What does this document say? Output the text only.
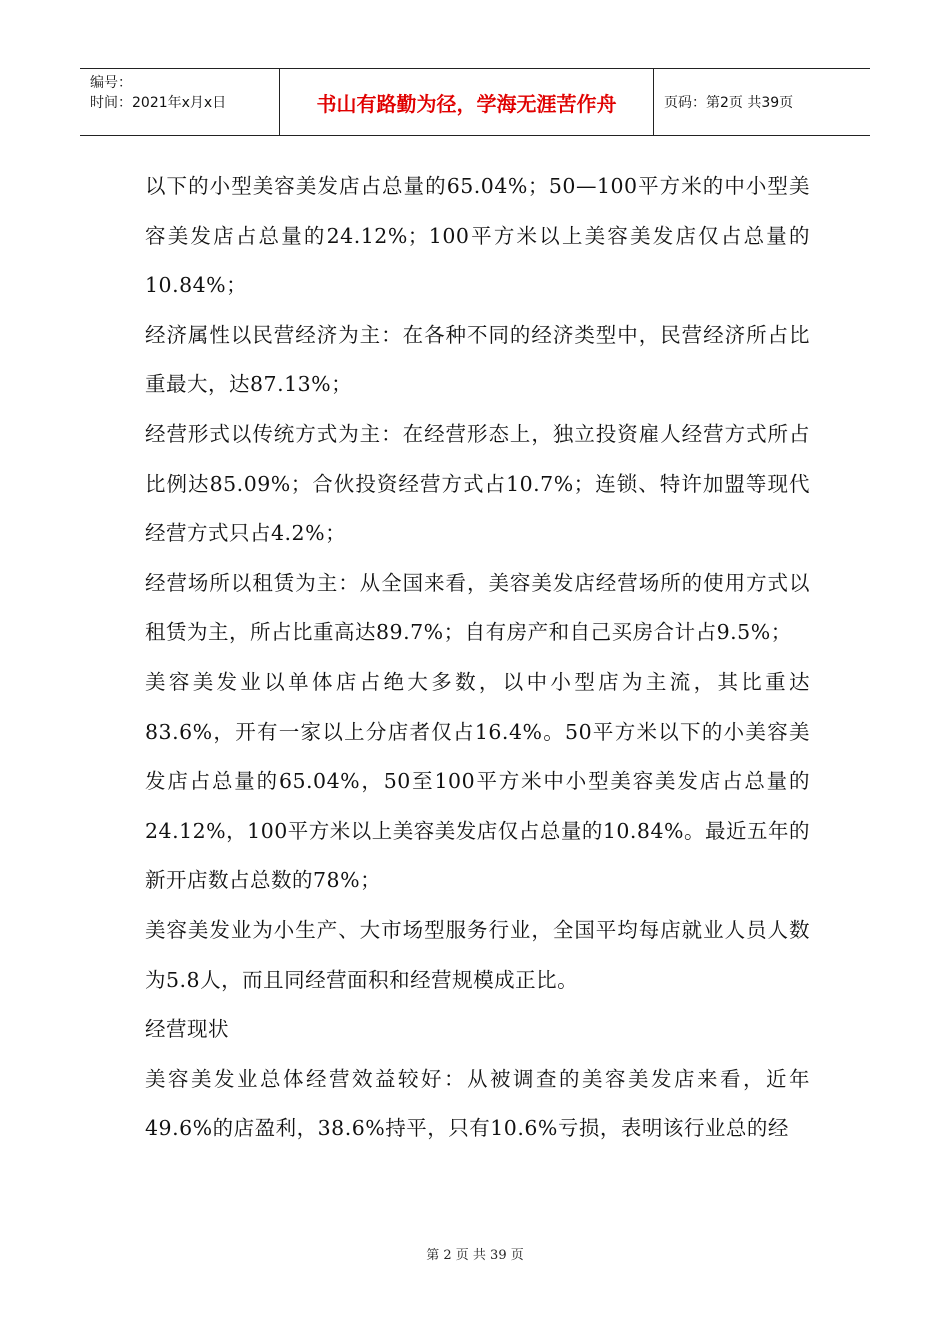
编号：
时间：2021年x月x日	书山有路勤为径，学海无涯苦作舟	页码：第2页 共39页

以下的小型美容美发店占总量的65.04%；50—100平方米的中小型美容美发店占总量的24.12%；100平方米以上美容美发店仅占总量的10.84%；

经济属性以民营经济为主：在各种不同的经济类型中，民营经济所占比重最大，达87.13%；

经营形式以传统方式为主：在经营形态上，独立投资雇人经营方式所占比例达85.09%；合伙投资经营方式占10.7%；连锁、特许加盟等现代经营方式只占4.2%；

经营场所以租赁为主：从全国来看，美容美发店经营场所的使用方式以租赁为主，所占比重高达89.7%；自有房产和自己买房合计占9.5%；

美容美发业以单体店占绝大多数，以中小型店为主流，其比重达83.6%，开有一家以上分店者仅占16.4%。50平方米以下的小美容美发店占总量的65.04%，50至100平方米中小型美容美发店占总量的24.12%，100平方米以上美容美发店仅占总量的10.84%。最近五年的新开店数占总数的78%；

美容美发业为小生产、大市场型服务行业，全国平均每店就业人员人数为5.8人，而且同经营面积和经营规模成正比。

经营现状

美容美发业总体经营效益较好：从被调查的美容美发店来看，近年49.6%的店盈利，38.6%持平，只有10.6%亏损，表明该行业总的经

第 2 页 共 39 页
